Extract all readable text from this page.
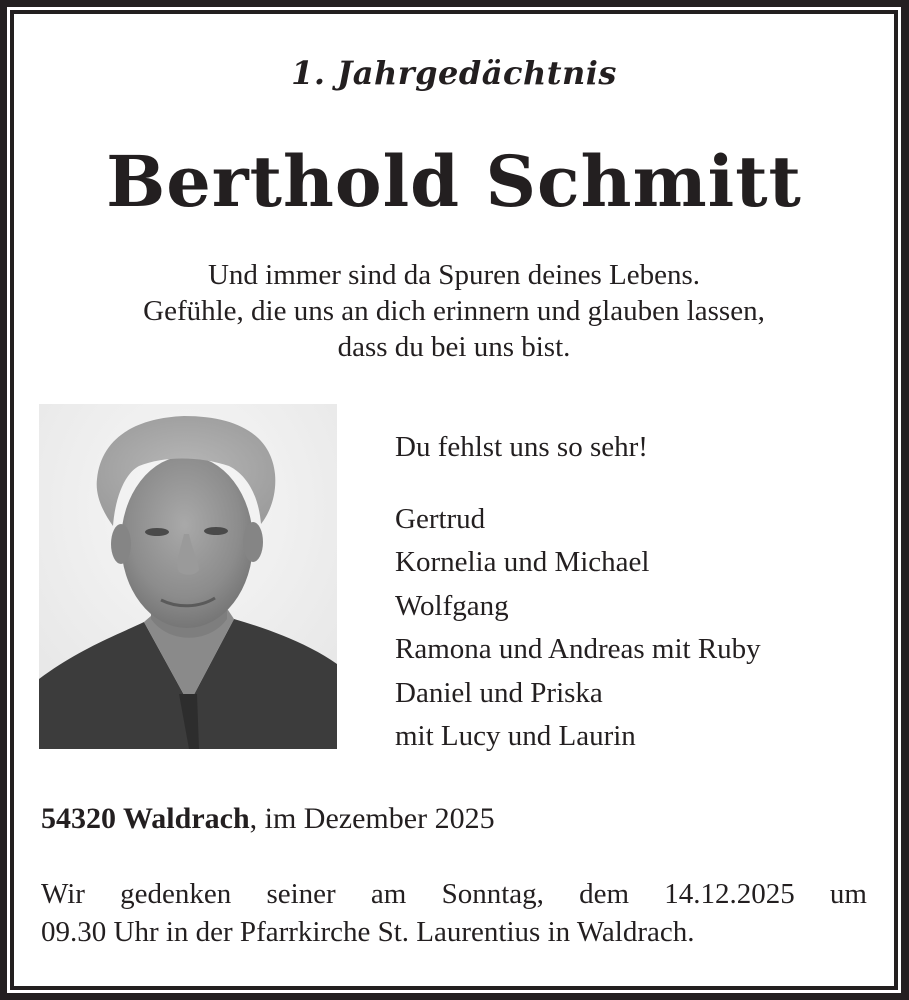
1. Jahrgedächtnis
Berthold Schmitt
Und immer sind da Spuren deines Lebens.
Gefühle, die uns an dich erinnern und glauben lassen,
dass du bei uns bist.
Du fehlst uns so sehr!
Gertrud
Kornelia und Michael
Wolfgang
Ramona und Andreas mit Ruby
Daniel und Priska
mit Lucy und Laurin
54320 Waldrach, im Dezember 2025
Wir gedenken seiner am Sonntag, dem 14.12.2025 um
09.30 Uhr in der Pfarrkirche St. Laurentius in Waldrach.
